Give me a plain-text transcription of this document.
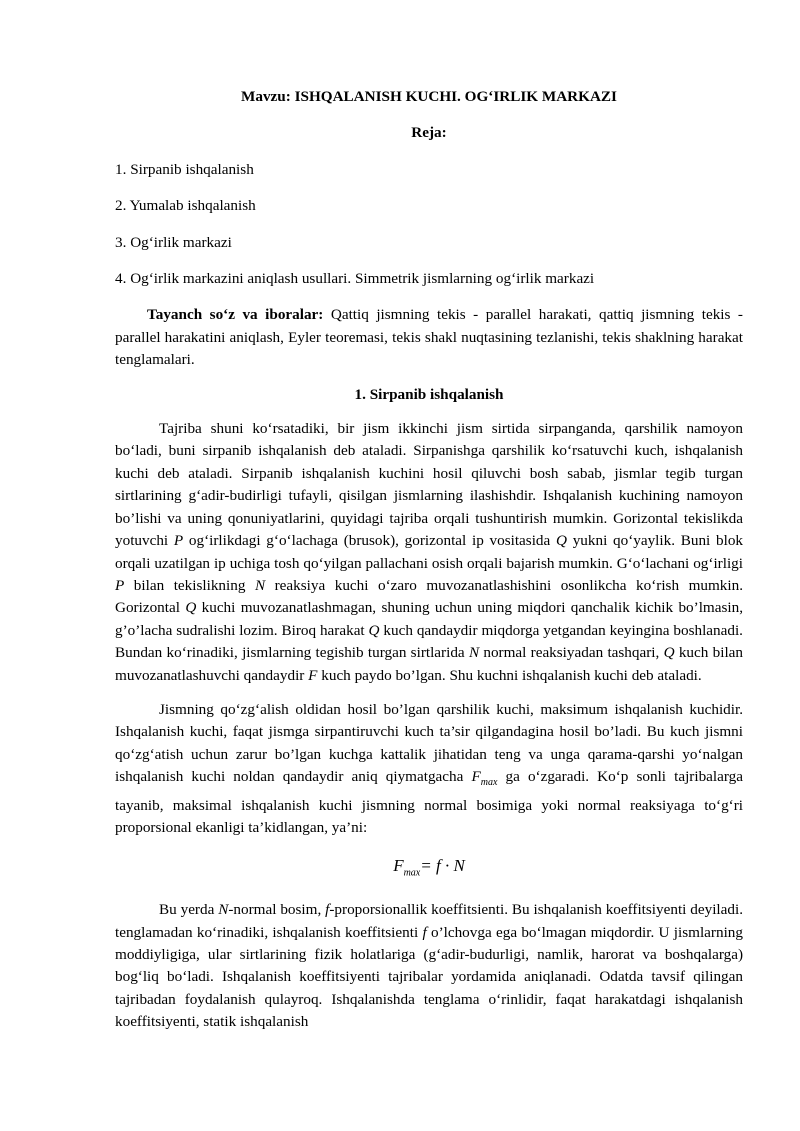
Mavzu: ISHQALANISH KUCHI. OGʻIRLIK MARKAZI
Reja:
1. Sirpanib ishqalanish
2. Yumalab ishqalanish
3. Ogʻirlik markazi
4. Ogʻirlik markazini aniqlash usullari. Simmetrik jismlarning ogʻirlik markazi

Tayanch soʻz va iboralar: Qattiq jismning tekis - parallel harakati, qattiq jismning tekis - parallel harakatini aniqlash, Eyler teoremasi, tekis shakl nuqtasining tezlanishi, tekis shaklning harakat tenglamalari.

1. Sirpanib ishqalanish

Tajriba shuni koʻrsatadiki, bir jism ikkinchi jism sirtida sirpanganda, qarshilik namoyon boʻladi, buni sirpanib ishqalanish deb ataladi. Sirpanishga qarshilik koʻrsatuvchi kuch, ishqalanish kuchi deb ataladi. Sirpanib ishqalanish kuchini hosil qiluvchi bosh sabab, jismlar tegib turgan sirtlarining gʻadir-budirligi tufayli, qisilgan jismlarning ilashishdir. Ishqalanish kuchining namoyon bo’lishi va uning qonuniyatlarini, quyidagi tajriba orqali tushuntirish mumkin. Gorizontal tekislikda yotuvchi P ogʻirlikdagi gʻoʻlachaga (brusok), gorizontal ip vositasida Q yukni qoʻyaylik. Buni blok orqali uzatilgan ip uchiga tosh qoʻyilgan pallachani osish orqali bajarish mumkin. Gʻoʻlachani ogʻirligi P bilan tekislikning N reaksiya kuchi oʻzaro muvozanatlashishini osonlikcha koʻrish mumkin. Gorizontal Q kuchi muvozanatlashmagan, shuning uchun uning miqdori qanchalik kichik bo’lmasin, g’o’lacha sudralishi lozim. Biroq harakat Q kuch qandaydir miqdorga yetgandan keyingina boshlanadi. Bundan koʻrinadiki, jismlarning tegishib turgan sirtlarida N normal reaksiyadan tashqari, Q kuch bilan muvozanatlashuvchi qandaydir F kuch paydo bo’lgan. Shu kuchni ishqalanish kuchi deb ataladi.

Jismning qoʻzgʻalish oldidan hosil bo’lgan qarshilik kuchi, maksimum ishqalanish kuchidir. Ishqalanish kuchi, faqat jismga sirpantiruvchi kuch ta’sir qilgandagina hosil bo’ladi. Bu kuch jismni qoʻzgʻatish uchun zarur bo’lgan kuchga kattalik jihatidan teng va unga qarama-qarshi yoʻnalgan ishqalanish kuchi noldan qandaydir aniq qiymatgacha $F_{max}$ ga oʻzgaradi. Koʻp sonli tajribalarga tayanib, maksimal ishqalanish kuchi jismning normal bosimiga yoki normal reaksiyaga toʻgʻri proporsional ekanligi ta’kidlangan, ya’ni:

$F_{max}= f \cdot N$

Bu yerda N-normal bosim, f-proporsionallik koeffitsienti. Bu ishqalanish koeffitsiyenti deyiladi. tenglamadan koʻrinadiki, ishqalanish koeffitsienti f o’lchovga ega boʻlmagan miqdordir. U jismlarning moddiyligiga, ular sirtlarining fizik holatlariga (gʻadir-budurligi, namlik, harorat va boshqalarga) bogʻliq boʻladi. Ishqalanish koeffitsiyenti tajribalar yordamida aniqlanadi. Odatda tavsif qilingan tajribadan foydalanish qulayroq. Ishqalanishda tenglama oʻrinlidir, faqat harakatdagi ishqalanish koeffitsiyenti, statik ishqalanish
